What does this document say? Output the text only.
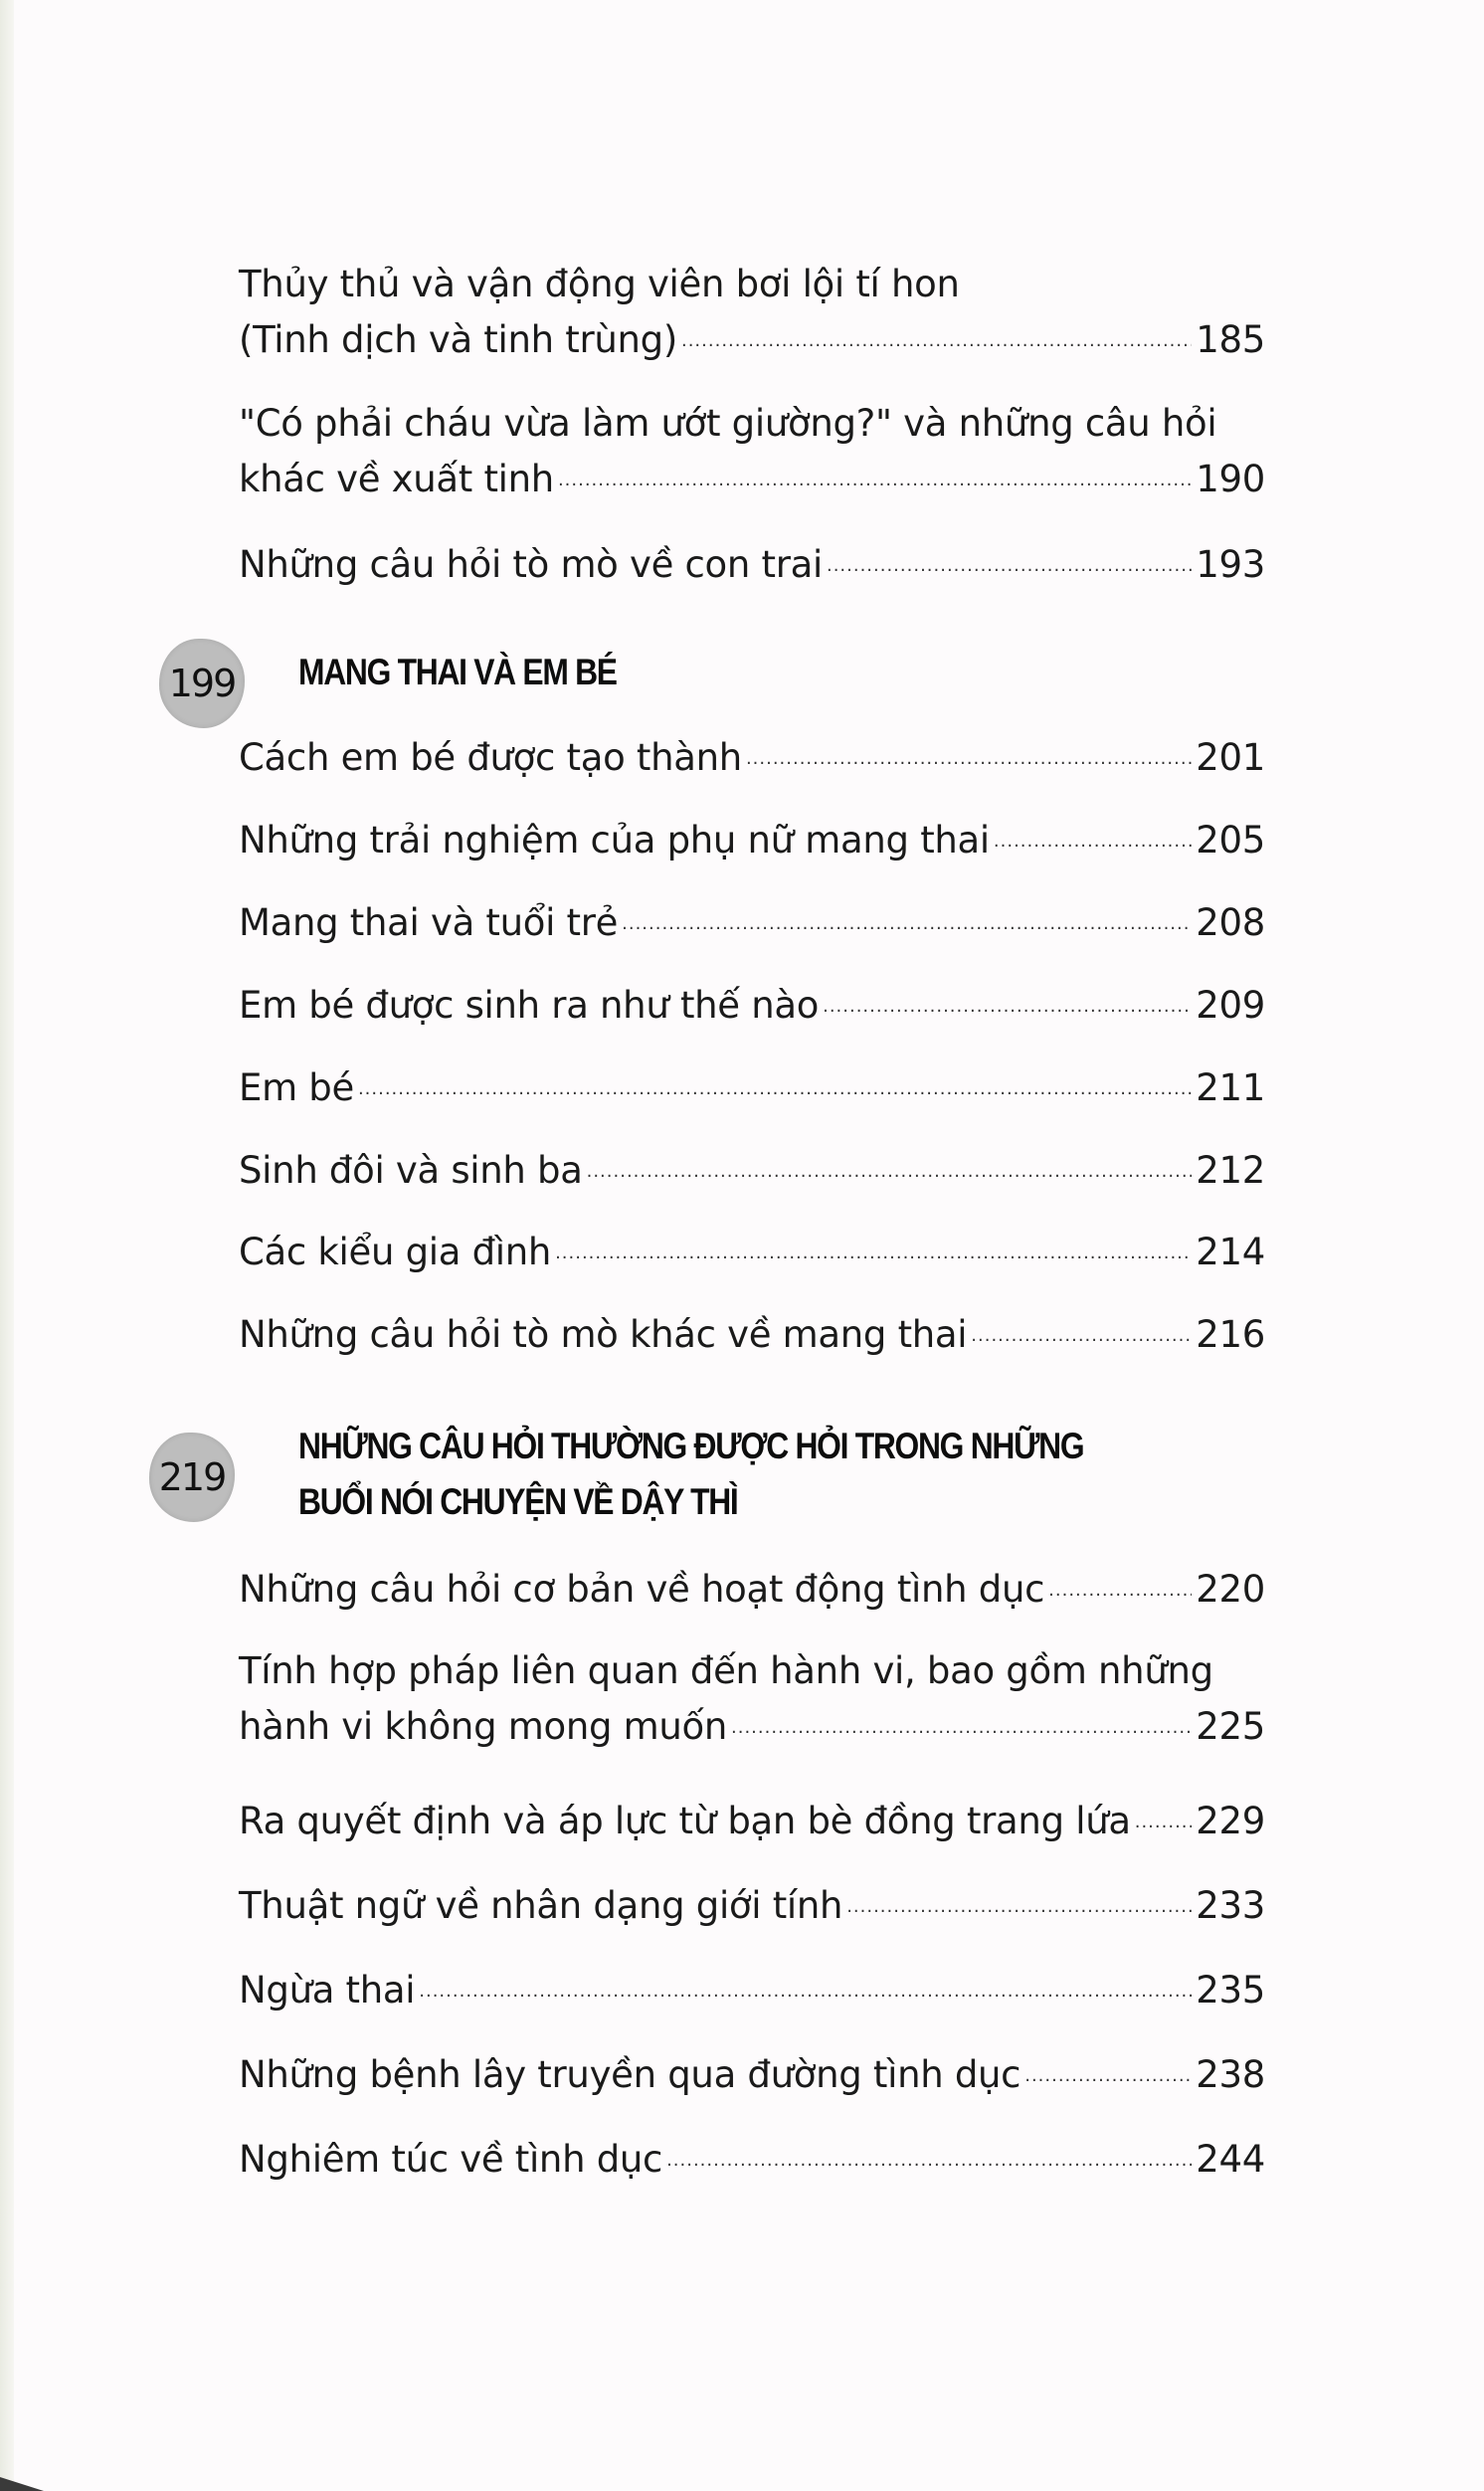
Thủy thủ và vận động viên bơi lội tí hon
(Tinh dịch và tinh trùng) .....	185
"Có phải cháu vừa làm ướt giường?" và những câu hỏi
khác về xuất tinh .....	190
Những câu hỏi tò mò về con trai .....	193
199 MANG THAI VÀ EM BÉ
Cách em bé được tạo thành .....	201
Những trải nghiệm của phụ nữ mang thai .....	205
Mang thai và tuổi trẻ .....	208
Em bé được sinh ra như thế nào .....	209
Em bé .....	211
Sinh đôi và sinh ba .....	212
Các kiểu gia đình .....	214
Những câu hỏi tò mò khác về mang thai .....	216
219
NHỮNG CÂU HỎI THƯỜNG ĐƯỢC HỎI TRONG NHỮNG
BUỔI NÓI CHUYỆN VỀ DẬY THÌ
Những câu hỏi cơ bản về hoạt động tình dục .....	220
Tính hợp pháp liên quan đến hành vi, bao gồm những
hành vi không mong muốn .....	225
Ra quyết định và áp lực từ bạn bè đồng trang lứa ..... 229
Thuật ngữ về nhân dạng giới tính .....	233
Ngừa thai .....	235
Những bệnh lây truyền qua đường tình dục .....	238
Nghiêm túc về tình dục .....	244
